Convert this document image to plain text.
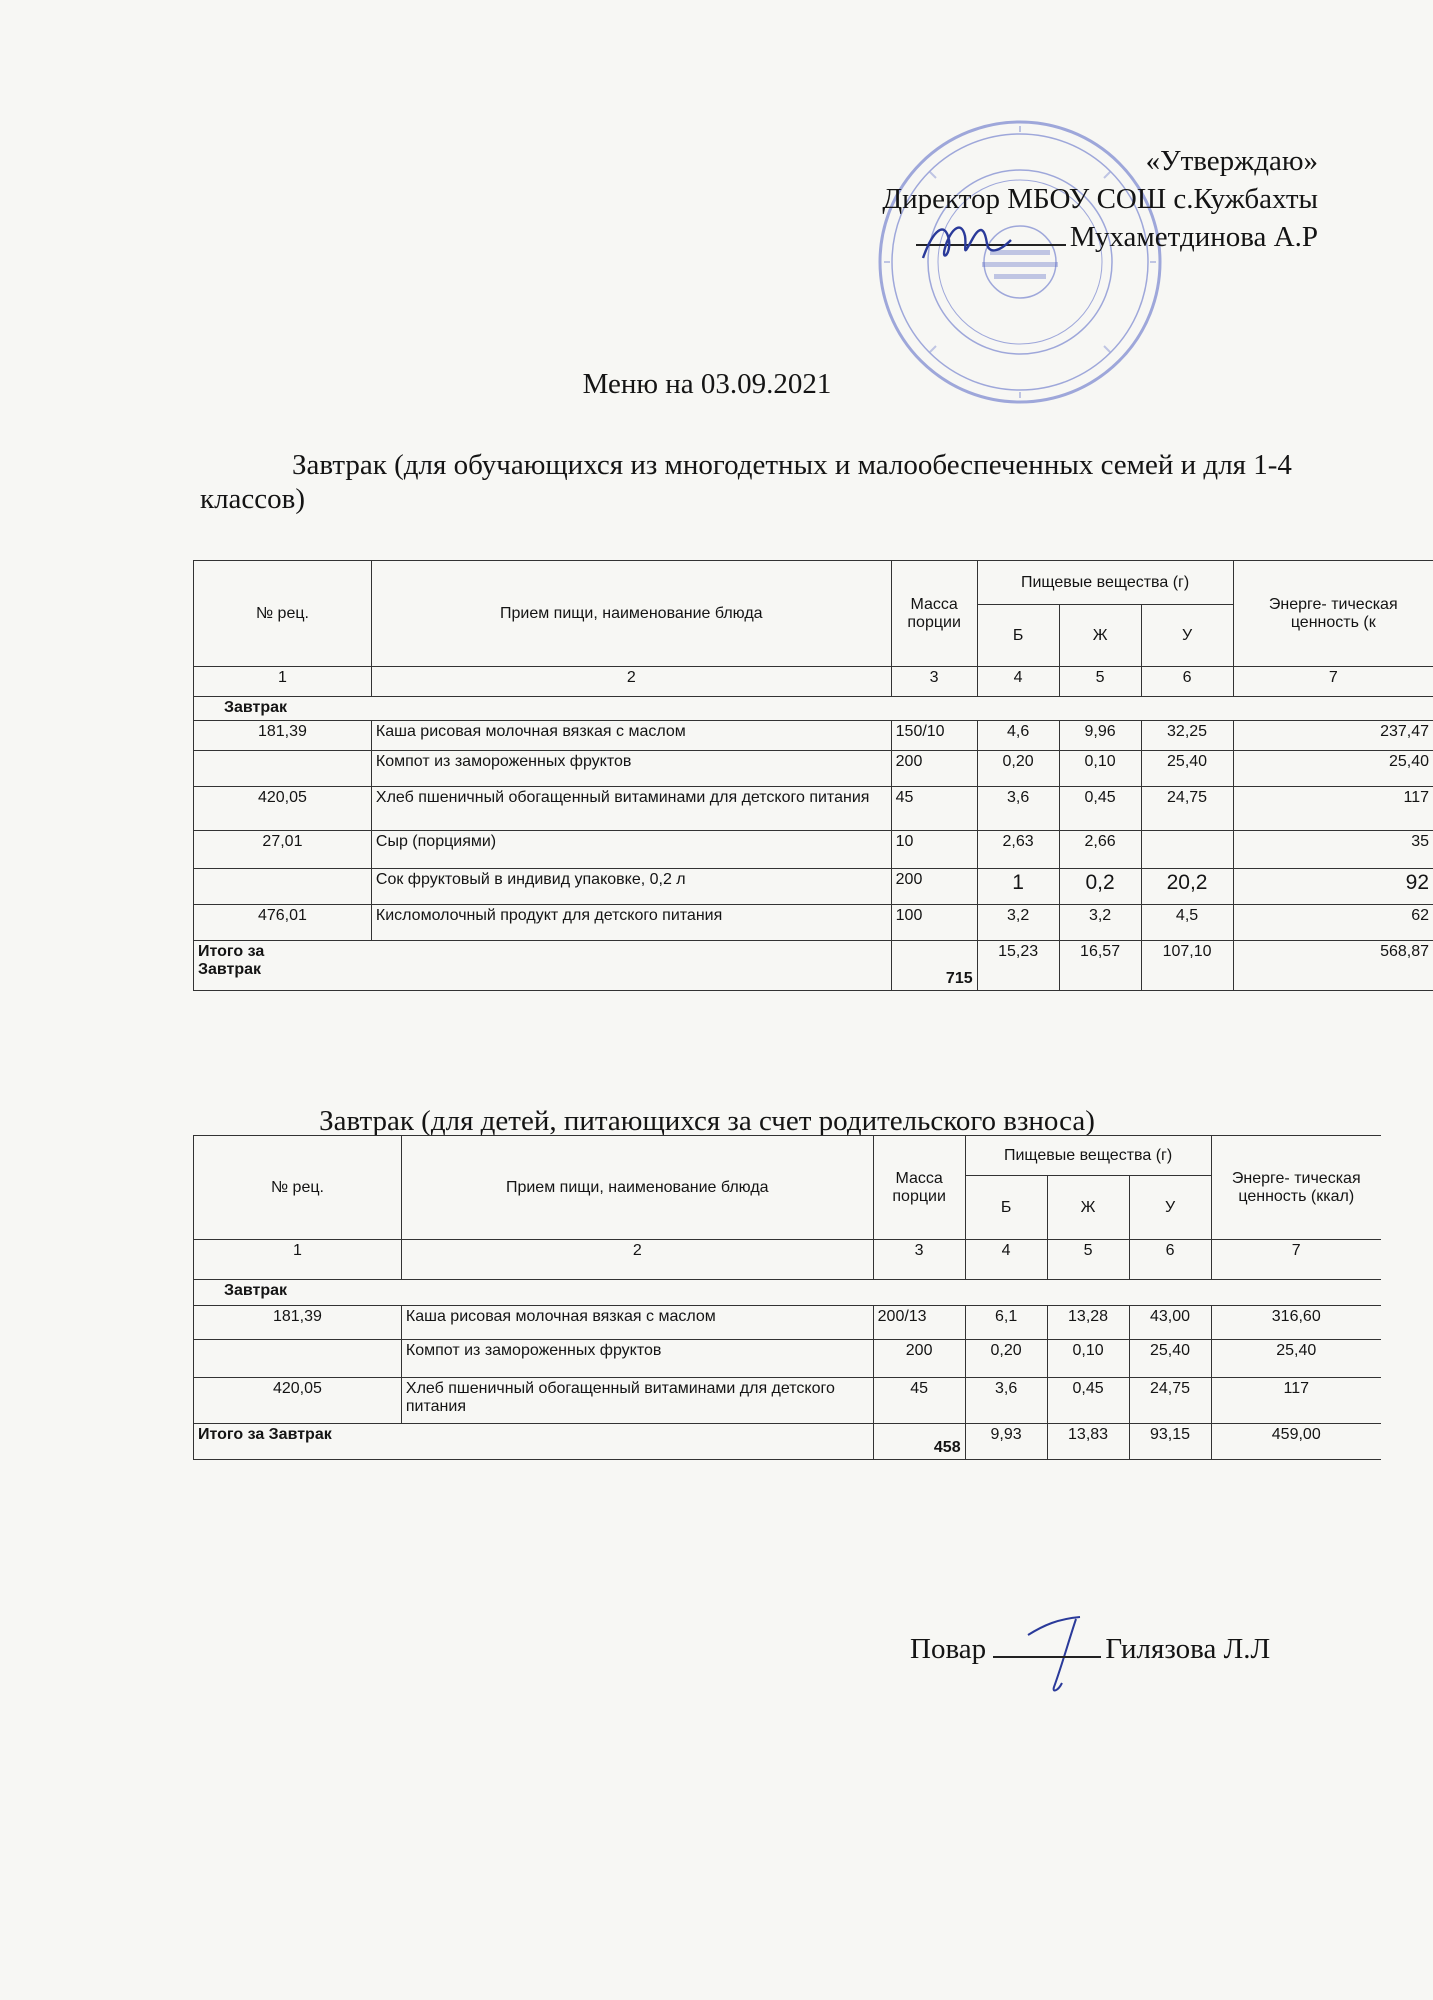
«Утверждаю»
Директор МБОУ СОШ с.Кужбахты
Мухаметдинова А.Р
Меню на 03.09.2021
Завтрак (для обучающихся из многодетных и малообеспеченных семей и для 1-4 классов)
№ рец.	Прием пищи, наименование блюда	Масса порции	Пищевые вещества (г)			Энерге- тическая ценность (к
			Б	Ж	У	
1	2	3	4	5	6	7
Завтрак						
181,39	Каша рисовая молочная вязкая с маслом	150/10	4,6	9,96	32,25	237,47
	Компот из замороженных фруктов	200	0,20	0,10	25,40	25,40
420,05	Хлеб пшеничный обогащенный витаминами для детского питания	45	3,6	0,45	24,75	117
27,01	Сыр (порциями)	10	2,63	2,66		35
	Сок фруктовый в индивид упаковке, 0,2 л	200	1	0,2	20,2	92
476,01	Кисломолочный продукт для детского питания	100	3,2	3,2	4,5	62

Итого за Завтрак		715	15,23	16,57	107,10	568,87
Завтрак (для детей, питающихся за счет родительского взноса)
№ рец.	Прием пищи, наименование блюда	Масса порции	Пищевые вещества (г)			Энерге- тическая ценность (ккал)
			Б	Ж	У	
1	2	3	4	5	6	7
Завтрак						
181,39	Каша рисовая молочная вязкая с маслом	200/13	6,1	13,28	43,00	316,60
	Компот из замороженных фруктов	200	0,20	0,10	25,40	25,40
420,05	Хлеб пшеничный обогащенный витаминами для детского питания	45	3,6	0,45	24,75	117
Итого за Завтрак		458	9,93	13,83	93,15	459,00
Повар	Гилязова Л.Л
